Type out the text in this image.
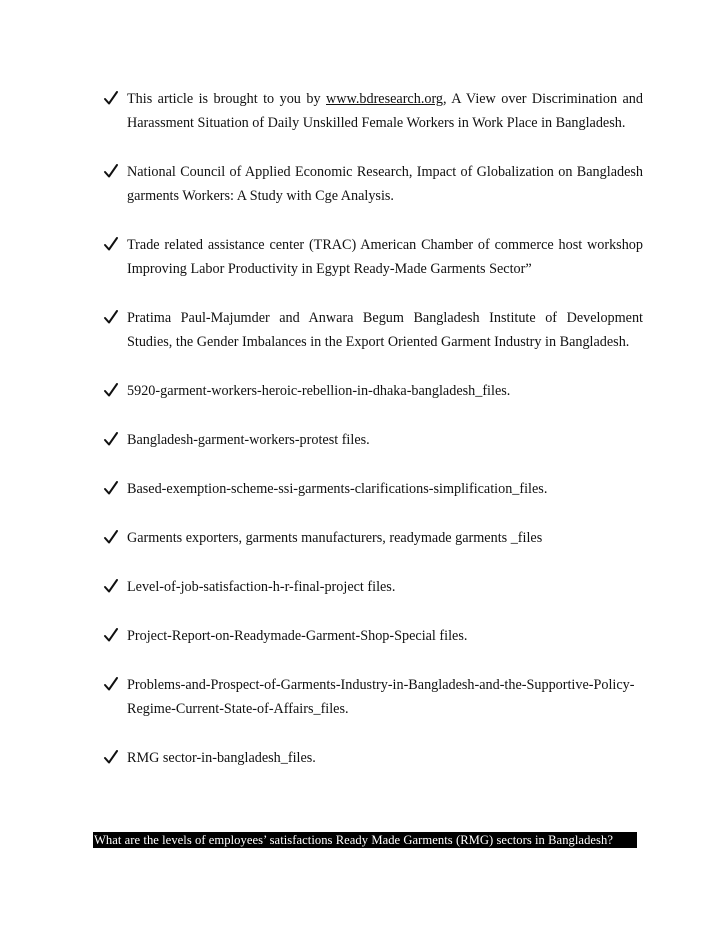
This article is brought to you by www.bdresearch.org, A View over Discrimination and Harassment Situation of Daily Unskilled Female Workers in Work Place in Bangladesh.
National Council of Applied Economic Research, Impact of Globalization on Bangladesh garments Workers: A Study with Cge Analysis.
Trade related assistance center (TRAC) American Chamber of commerce host workshop Improving Labor Productivity in Egypt Ready-Made Garments Sector”
Pratima Paul-Majumder and Anwara Begum Bangladesh Institute of Development Studies, the Gender Imbalances in the Export Oriented Garment Industry in Bangladesh.
5920-garment-workers-heroic-rebellion-in-dhaka-bangladesh_files.
Bangladesh-garment-workers-protest files.
Based-exemption-scheme-ssi-garments-clarifications-simplification_files.
Garments exporters, garments manufacturers, readymade garments _files
Level-of-job-satisfaction-h-r-final-project files.
Project-Report-on-Readymade-Garment-Shop-Special files.
Problems-and-Prospect-of-Garments-Industry-in-Bangladesh-and-the-Supportive-Policy-Regime-Current-State-of-Affairs_files.
RMG sector-in-bangladesh_files.
What are the levels of employees’ satisfactions Ready Made Garments (RMG) sectors in Bangladesh?
